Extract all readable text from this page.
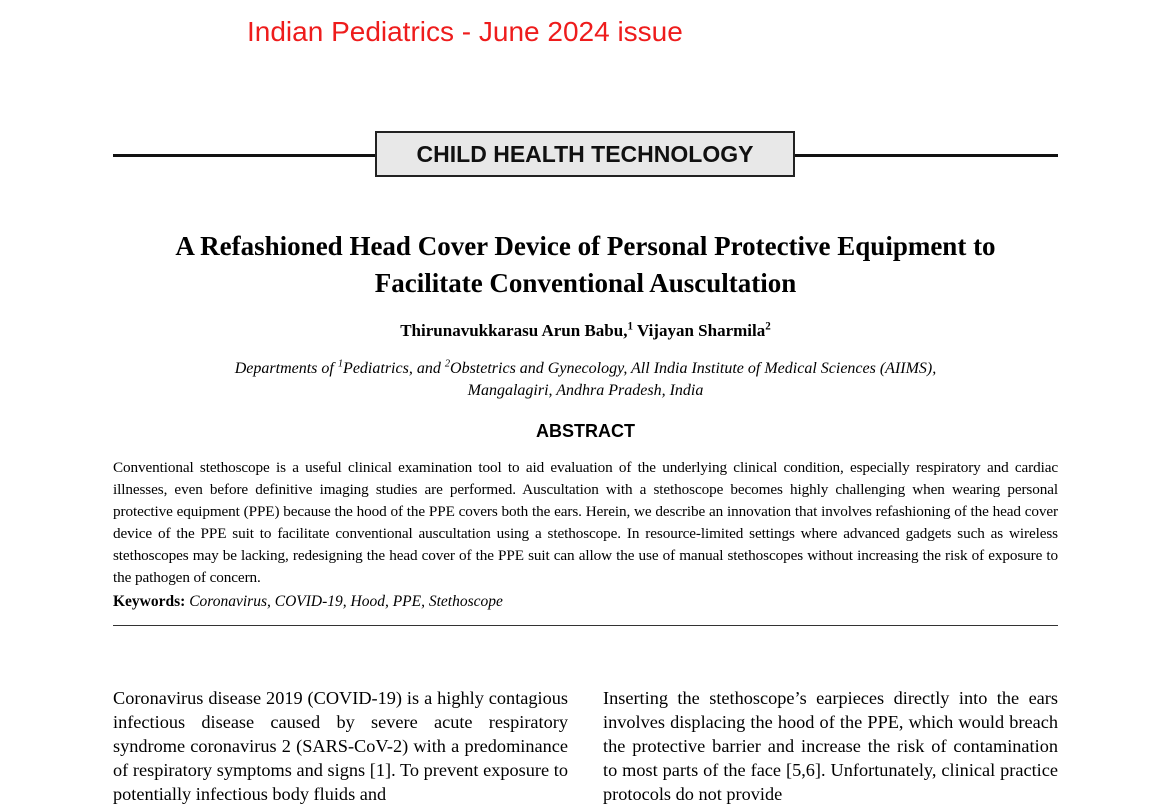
Indian Pediatrics - June 2024 issue
CHILD HEALTH TECHNOLOGY
A Refashioned Head Cover Device of Personal Protective Equipment to
Facilitate Conventional Auscultation
Thirunavukkarasu Arun Babu,$^1$ Vijayan Sharmila$^2$
Departments of $^1$Pediatrics, and $^2$Obstetrics and Gynecology, All India Institute of Medical Sciences (AIIMS),
Mangalagiri, Andhra Pradesh, India
ABSTRACT
Conventional stethoscope is a useful clinical examination tool to aid evaluation of the underlying clinical condition, especially respiratory and cardiac illnesses, even before definitive imaging studies are performed. Auscultation with a stethoscope becomes highly challenging when wearing personal protective equipment (PPE) because the hood of the PPE covers both the ears. Herein, we describe an innovation that involves refashioning of the head cover device of the PPE suit to facilitate conventional auscultation using a stethoscope. In resource-limited settings where advanced gadgets such as wireless stethoscopes may be lacking, redesigning the head cover of the PPE suit can allow the use of manual stethoscopes without increasing the risk of exposure to the pathogen of concern.
Keywords: Coronavirus, COVID-19, Hood, PPE, Stethoscope
Coronavirus disease 2019 (COVID-19) is a highly contagious infectious disease caused by severe acute respiratory syndrome coronavirus 2 (SARS-CoV-2) with a predominance of respiratory symptoms and signs [1]. To prevent exposure to potentially infectious body fluids and
Inserting the stethoscope’s earpieces directly into the ears involves displacing the hood of the PPE, which would breach the protective barrier and increase the risk of contamination to most parts of the face [5,6]. Unfortunately, clinical practice protocols do not provide
